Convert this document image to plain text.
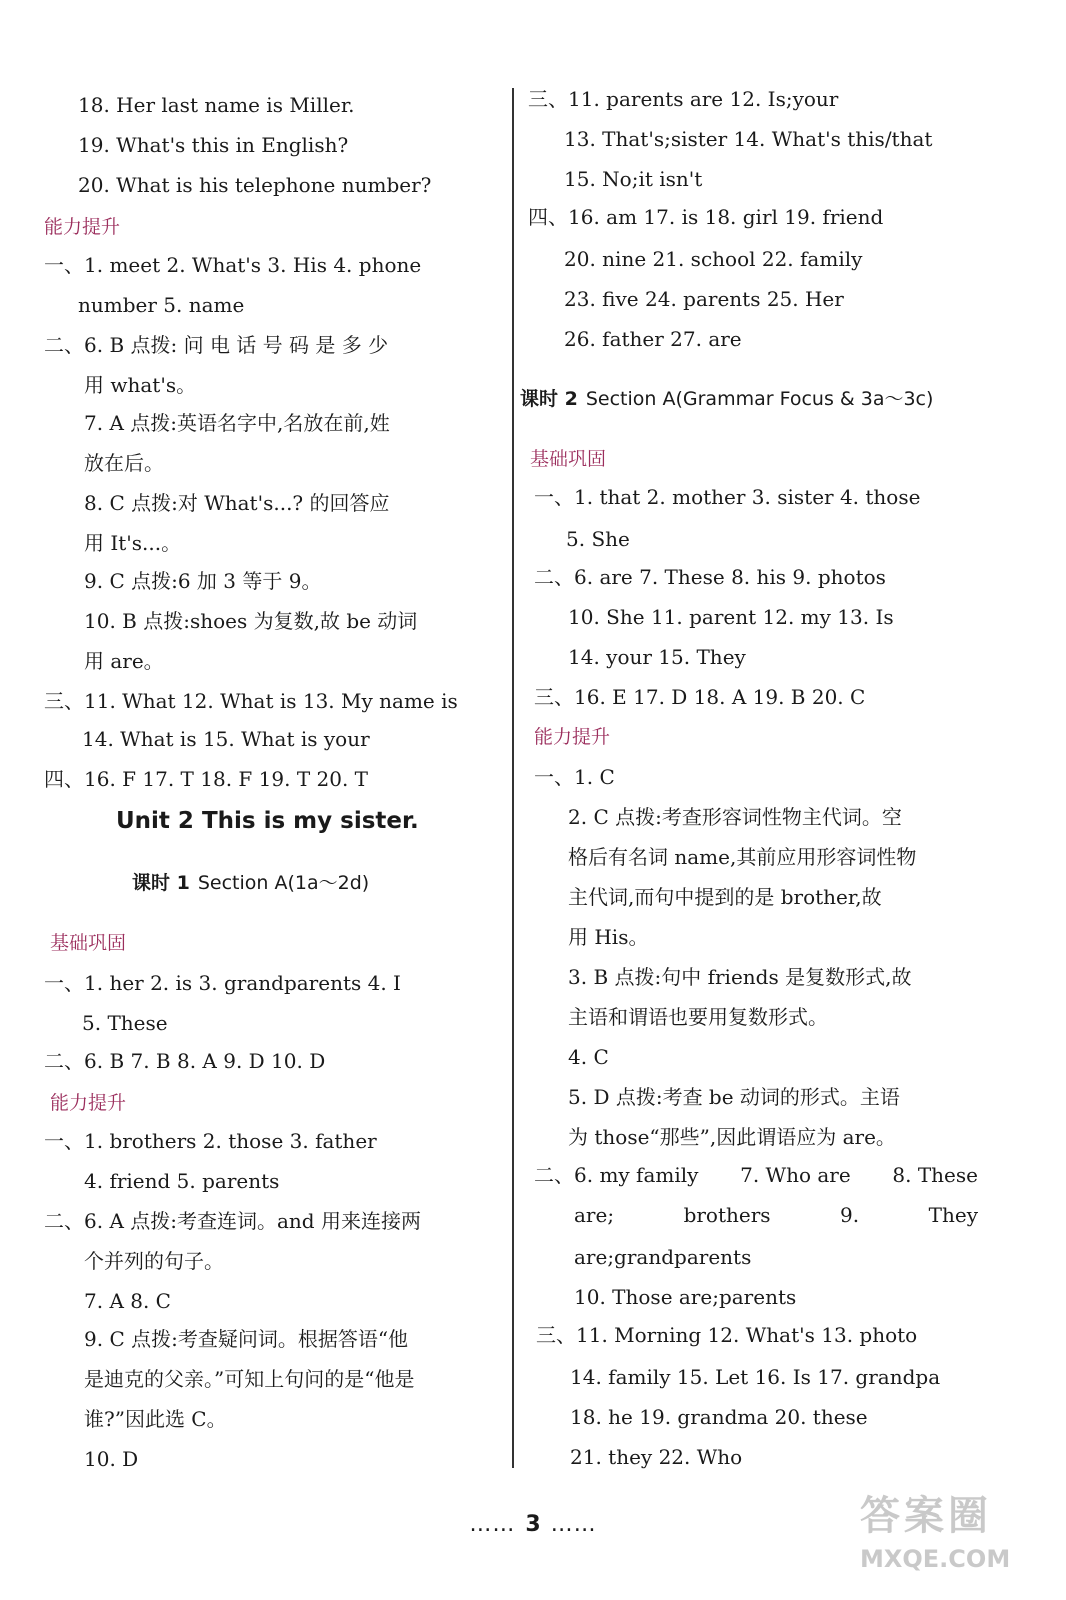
18. Her last name is Miller.
19. What's this in English?
20. What is his telephone number?
能力提升
一、1. meet 2. What's 3. His 4. phone
number 5. name
二、6. B 点拨: 问 电 话 号 码 是 多 少
用 what's。
7. A 点拨:英语名字中,名放在前,姓
放在后。
8. C 点拨:对 What's...? 的回答应
用 It's...。
9. C 点拨:6 加 3 等于 9。
10. B 点拨:shoes 为复数,故 be 动词
用 are。
三、11. What 12. What is 13. My name is
14. What is 15. What is your
四、16. F 17. T 18. F 19. T 20. T
Unit 2 This is my sister.
课时 1 Section A(1a～2d)
基础巩固
一、1. her 2. is 3. grandparents 4. I
5. These
二、6. B 7. B 8. A 9. D 10. D
能力提升
一、1. brothers 2. those 3. father
4. friend 5. parents
二、6. A 点拨:考查连词。and 用来连接两
个并列的句子。
7. A 8. C
9. C 点拨:考查疑问词。根据答语“他
是迪克的父亲。”可知上句问的是“他是
谁?”因此选 C。
10. D
三、11. parents are 12. Is;your
13. That's;sister 14. What's this/that
15. No;it isn't
四、16. am 17. is 18. girl 19. friend
20. nine 21. school 22. family
23. five 24. parents 25. Her
26. father 27. are
课时 2 Section A(Grammar Focus & 3a～3c)
基础巩固
一、1. that 2. mother 3. sister 4. those
5. She
二、6. are 7. These 8. his 9. photos
10. She 11. parent 12. my 13. Is
14. your 15. They
三、16. E 17. D 18. A 19. B 20. C
能力提升
一、1. C
2. C 点拨:考查形容词性物主代词。空
格后有名词 name,其前应用形容词性物
主代词,而句中提到的是 brother,故
用 His。
3. B 点拨:句中 friends 是复数形式,故
主语和谓语也要用复数形式。
4. C
5. D 点拨:考查 be 动词的形式。主语
为 those“那些”,因此谓语应为 are。
二、6. my family 7. Who are 8. These
are;	brothers	9.	They
are;grandparents
10. Those are;parents
三、11. Morning 12. What's 13. photo
14. family 15. Let 16. Is 17. grandpa
18. he 19. grandma 20. these
21. they 22. Who
…… 3 ……	答案圈
MXQE.COM
